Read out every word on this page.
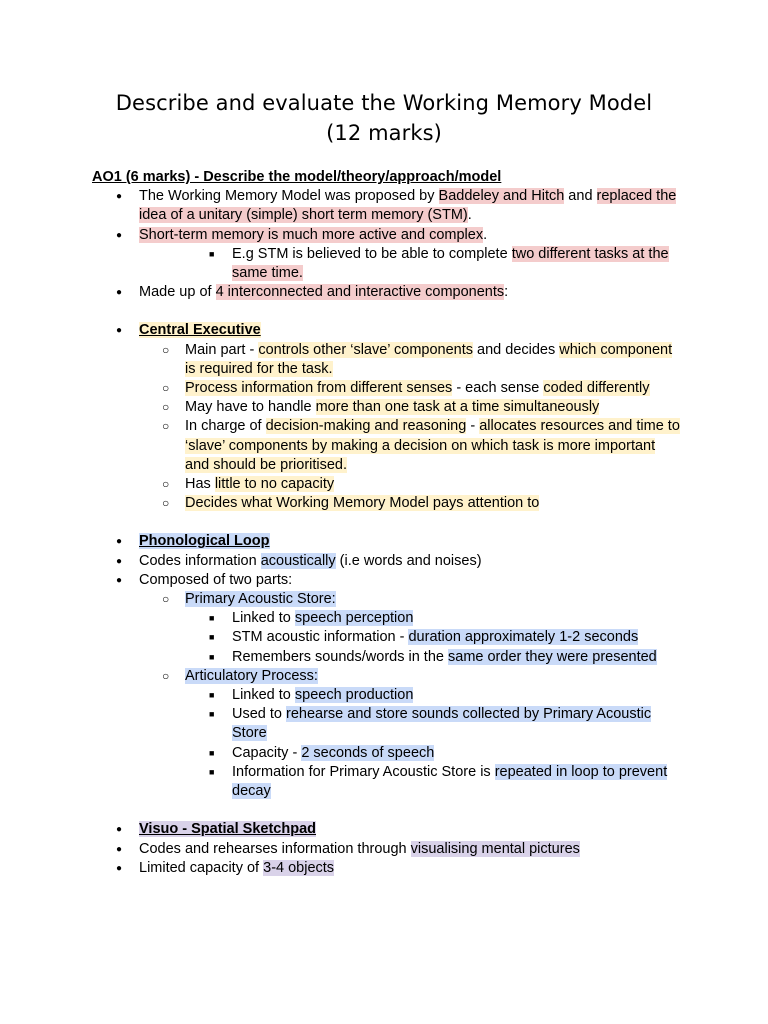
Describe and evaluate the Working Memory Model
(12 marks)
AO1 (6 marks) - Describe the model/theory/approach/model
●
The Working Memory Model was proposed by Baddeley and Hitch and replaced the idea of a unitary (simple) short term memory (STM).
●
Short-term memory is much more active and complex.
■
E.g STM is believed to be able to complete two different tasks at the same time.
●
Made up of 4 interconnected and interactive components:
●
Central Executive
○
Main part - controls other ‘slave’ components and decides which component is required for the task.
○
Process information from different senses - each sense coded differently
○
May have to handle more than one task at a time simultaneously
○
In charge of decision-making and reasoning - allocates resources and time to ‘slave’ components by making a decision on which task is more important and should be prioritised.
○
Has little to no capacity
○
Decides what Working Memory Model pays attention to
●
Phonological Loop
●
Codes information acoustically (i.e words and noises)
●
Composed of two parts:
○
Primary Acoustic Store:
■
Linked to speech perception
■
STM acoustic information - duration approximately 1-2 seconds
■
Remembers sounds/words in the same order they were presented
○
Articulatory Process:
■
Linked to speech production
■
Used to rehearse and store sounds collected by Primary Acoustic Store
■
Capacity - 2 seconds of speech
■
Information for Primary Acoustic Store is repeated in loop to prevent decay
●
Visuo - Spatial Sketchpad
●
Codes and rehearses information through visualising mental pictures
●
Limited capacity of 3-4 objects
